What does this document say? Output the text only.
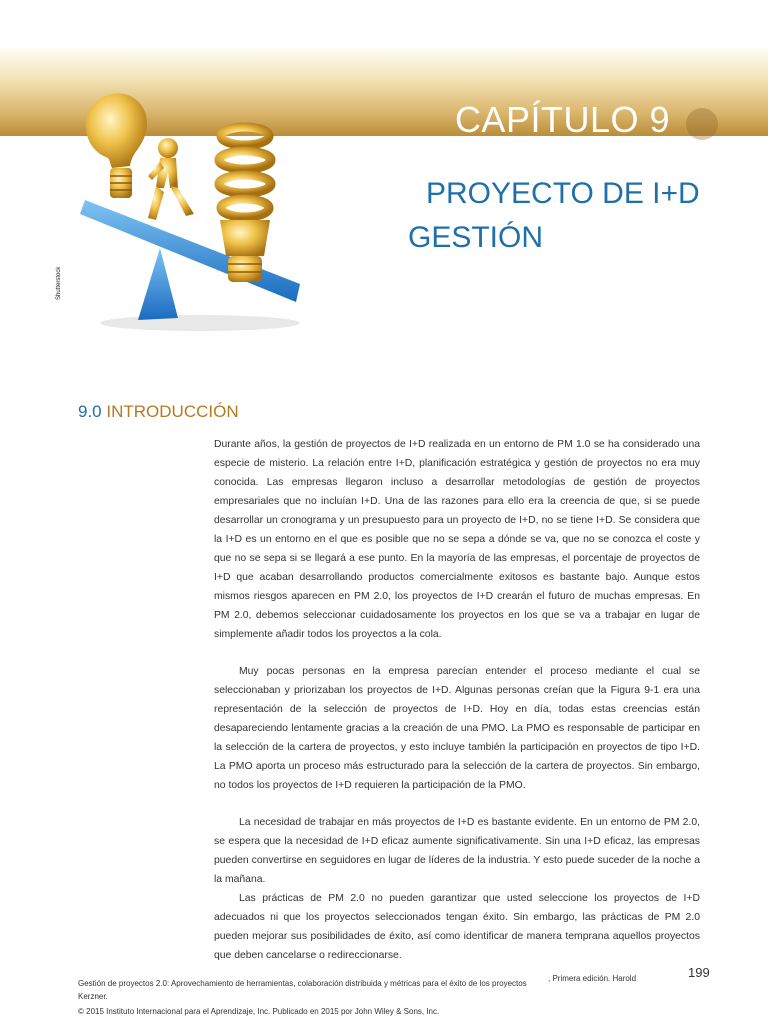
CAPÍTULO 9
Shutterstock
PROYECTO DE I+D
GESTIÓN
9.0 INTRODUCCIÓN

Durante años, la gestión de proyectos de I+D realizada en un entorno de PM 1.0 se ha considerado una especie de misterio. La relación entre I+D, planificación estratégica y gestión de proyectos no era muy conocida. Las empresas llegaron incluso a desarrollar metodologías de gestión de proyectos empresariales que no incluían I+D. Una de las razones para ello era la creencia de que, si se puede desarrollar un cronograma y un presupuesto para un proyecto de I+D, no se tiene I+D. Se considera que la I+D es un entorno en el que es posible que no se sepa a dónde se va, que no se conozca el coste y que no se sepa si se llegará a ese punto. En la mayoría de las empresas, el porcentaje de proyectos de I+D que acaban desarrollando productos comercialmente exitosos es bastante bajo. Aunque estos mismos riesgos aparecen en PM 2.0, los proyectos de I+D crearán el futuro de muchas empresas. En PM 2.0, debemos seleccionar cuidadosamente los proyectos en los que se va a trabajar en lugar de simplemente añadir todos los proyectos a la cola.

Muy pocas personas en la empresa parecían entender el proceso mediante el cual se seleccionaban y priorizaban los proyectos de I+D. Algunas personas creían que la Figura 9-1 era una representación de la selección de proyectos de I+D. Hoy en día, todas estas creencias están desapareciendo lentamente gracias a la creación de una PMO. La PMO es responsable de participar en la selección de la cartera de proyectos, y esto incluye también la participación en proyectos de tipo I+D. La PMO aporta un proceso más estructurado para la selección de la cartera de proyectos. Sin embargo, no todos los proyectos de I+D requieren la participación de la PMO.

La necesidad de trabajar en más proyectos de I+D es bastante evidente. En un entorno de PM 2.0, se espera que la necesidad de I+D eficaz aumente significativamente. Sin una I+D eficaz, las empresas pueden convertirse en seguidores en lugar de líderes de la industria. Y esto puede suceder de la noche a la mañana.

Las prácticas de PM 2.0 no pueden garantizar que usted seleccione los proyectos de I+D adecuados ni que los proyectos seleccionados tengan éxito. Sin embargo, las prácticas de PM 2.0 pueden mejorar sus posibilidades de éxito, así como identificar de manera temprana aquellos proyectos que deben cancelarse o redireccionarse.

Gestión de proyectos 2.0: Aprovechamiento de herramientas, colaboración distribuida y métricas para el éxito de los proyectos Kerzner.
, Primera edición. Harold	199
© 2015 Instituto Internacional para el Aprendizaje, Inc. Publicado en 2015 por John Wiley & Sons, Inc.
